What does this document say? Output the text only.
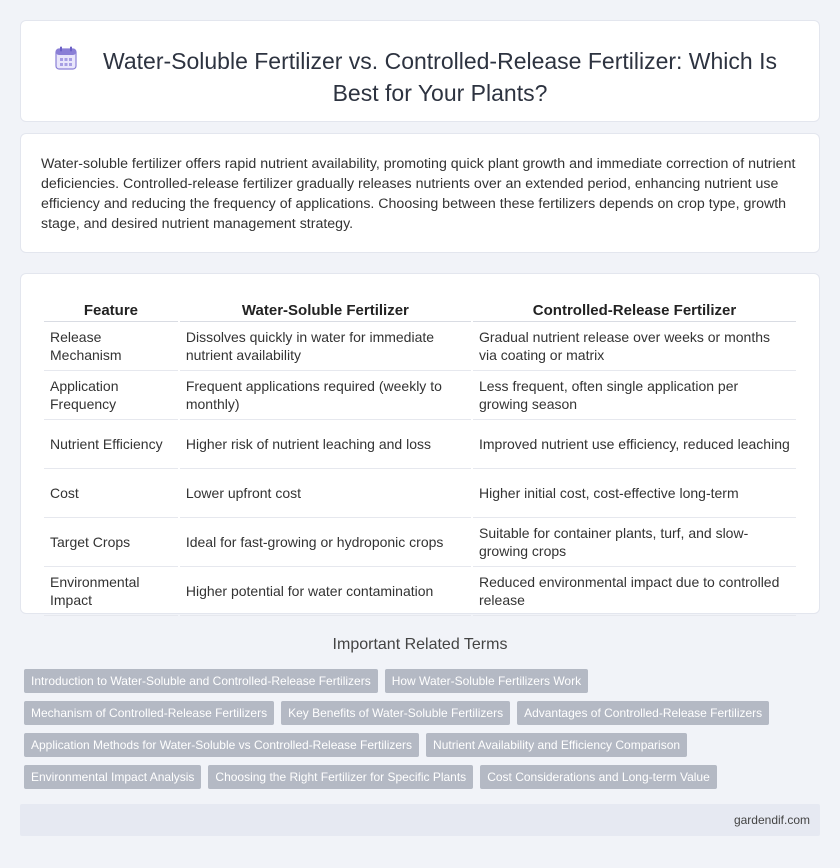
Water-Soluble Fertilizer vs. Controlled-Release Fertilizer: Which Is Best for Your Plants?

Water-soluble fertilizer offers rapid nutrient availability, promoting quick plant growth and immediate correction of nutrient deficiencies. Controlled-release fertilizer gradually releases nutrients over an extended period, enhancing nutrient use efficiency and reducing the frequency of applications. Choosing between these fertilizers depends on crop type, growth stage, and desired nutrient management strategy.

Feature	Water-Soluble Fertilizer	Controlled-Release Fertilizer
Release Mechanism	Dissolves quickly in water for immediate nutrient availability	Gradual nutrient release over weeks or months via coating or matrix
Application Frequency	Frequent applications required (weekly to monthly)	Less frequent, often single application per growing season
Nutrient Efficiency	Higher risk of nutrient leaching and loss	Improved nutrient use efficiency, reduced leaching
Cost	Lower upfront cost	Higher initial cost, cost-effective long-term
Target Crops	Ideal for fast-growing or hydroponic crops	Suitable for container plants, turf, and slow-growing crops
Environmental Impact	Higher potential for water contamination	Reduced environmental impact due to controlled release
Important Related Terms
Introduction to Water-Soluble and Controlled-Release Fertilizers	How Water-Soluble Fertilizers Work
Mechanism of Controlled-Release Fertilizers	Key Benefits of Water-Soluble Fertilizers	Advantages of Controlled-Release Fertilizers
Application Methods for Water-Soluble vs Controlled-Release Fertilizers	Nutrient Availability and Efficiency Comparison
Environmental Impact Analysis	Choosing the Right Fertilizer for Specific Plants	Cost Considerations and Long-term Value
gardendif.com
